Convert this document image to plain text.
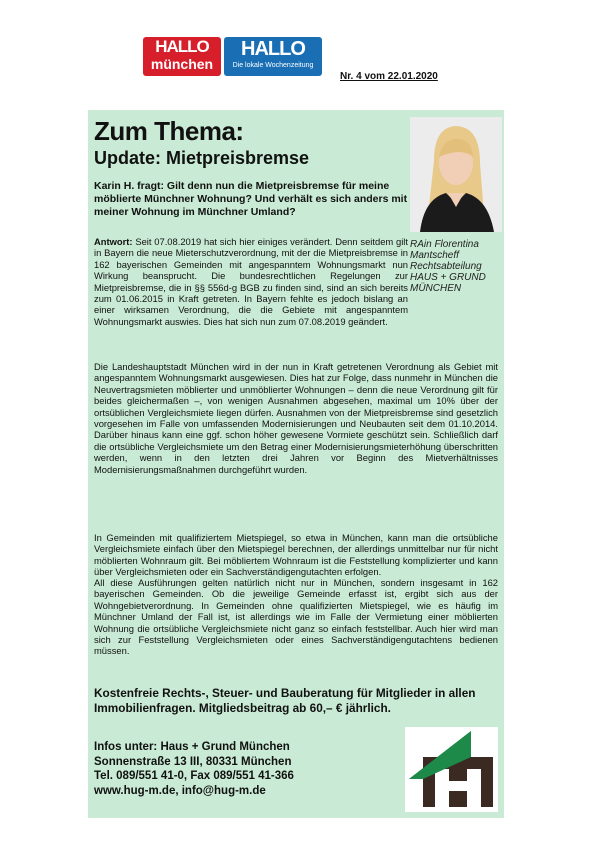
HALLO
münchen
HALLO
Die lokale Wochenzeitung
Nr. 4 vom 22.01.2020
Zum Thema:
Update: Mietpreisbremse
RAin Florentina
Mantscheff
Rechtsabteilung
HAUS + GRUND
MÜNCHEN
Karin H. fragt: Gilt denn nun die Mietpreisbremse für meine möblierte Münchner Wohnung? Und verhält es sich anders mit meiner Wohnung im Münchner Umland?
Antwort: Seit 07.08.2019 hat sich hier einiges verändert. Denn seitdem gilt in Bayern die neue Mieterschutzverordnung, mit der die Mietpreisbremse in 162 bayerischen Gemeinden mit angespanntem Wohnungsmarkt nun Wirkung beansprucht. Die bundesrechtlichen Regelungen zur Mietpreisbremse, die in §§ 556d-g BGB zu finden sind, sind an sich bereits zum 01.06.2015 in Kraft getreten. In Bayern fehlte es jedoch bislang an einer wirksamen Verordnung, die die Gebiete mit angespanntem Wohnungsmarkt auswies. Dies hat sich nun zum 07.08.2019 geändert.
Die Landeshauptstadt München wird in der nun in Kraft getretenen Verordnung als Gebiet mit angespanntem Wohnungsmarkt ausgewiesen. Dies hat zur Folge, dass nunmehr in München die Neuvertragsmieten möblierter und unmöblierter Wohnungen – denn die neue Verordnung gilt für beides gleichermaßen –, von wenigen Ausnahmen abgesehen, maximal um 10% über der ortsüblichen Vergleichsmiete liegen dürfen. Ausnahmen von der Mietpreisbremse sind gesetzlich vorgesehen im Falle von umfassenden Modernisierungen und Neubauten seit dem 01.10.2014. Darüber hinaus kann eine ggf. schon höher gewesene Vormiete geschützt sein. Schließlich darf die ortsübliche Vergleichsmiete um den Betrag einer Modernisierungsmieterhöhung überschritten werden, wenn in den letzten drei Jahren vor Beginn des Mietverhältnisses Modernisierungsmaßnahmen durchgeführt wurden.
In Gemeinden mit qualifiziertem Mietspiegel, so etwa in München, kann man die ortsübliche Vergleichsmiete einfach über den Mietspiegel berechnen, der allerdings unmittelbar nur für nicht möblierten Wohnraum gilt. Bei möbliertem Wohnraum ist die Feststellung komplizierter und kann über Vergleichsmieten oder ein Sachverständigengutachten erfolgen.
All diese Ausführungen gelten natürlich nicht nur in München, sondern insgesamt in 162 bayerischen Gemeinden. Ob die jeweilige Gemeinde erfasst ist, ergibt sich aus der Wohngebietverordnung. In Gemeinden ohne qualifizierten Mietspiegel, wie es häufig im Münchner Umland der Fall ist, ist allerdings wie im Falle der Vermietung einer möblierten Wohnung die ortsübliche Vergleichsmiete nicht ganz so einfach feststellbar. Auch hier wird man sich zur Feststellung Vergleichsmieten oder eines Sachverständigengutachtens bedienen müssen.
Kostenfreie Rechts-, Steuer- und Bauberatung für Mitglieder in allen Immobilienfragen. Mitgliedsbeitrag ab 60,– € jährlich.
Infos unter: Haus + Grund München
Sonnenstraße 13 III, 80331 München
Tel. 089/551 41-0, Fax 089/551 41-366
www.hug-m.de, info@hug-m.de
